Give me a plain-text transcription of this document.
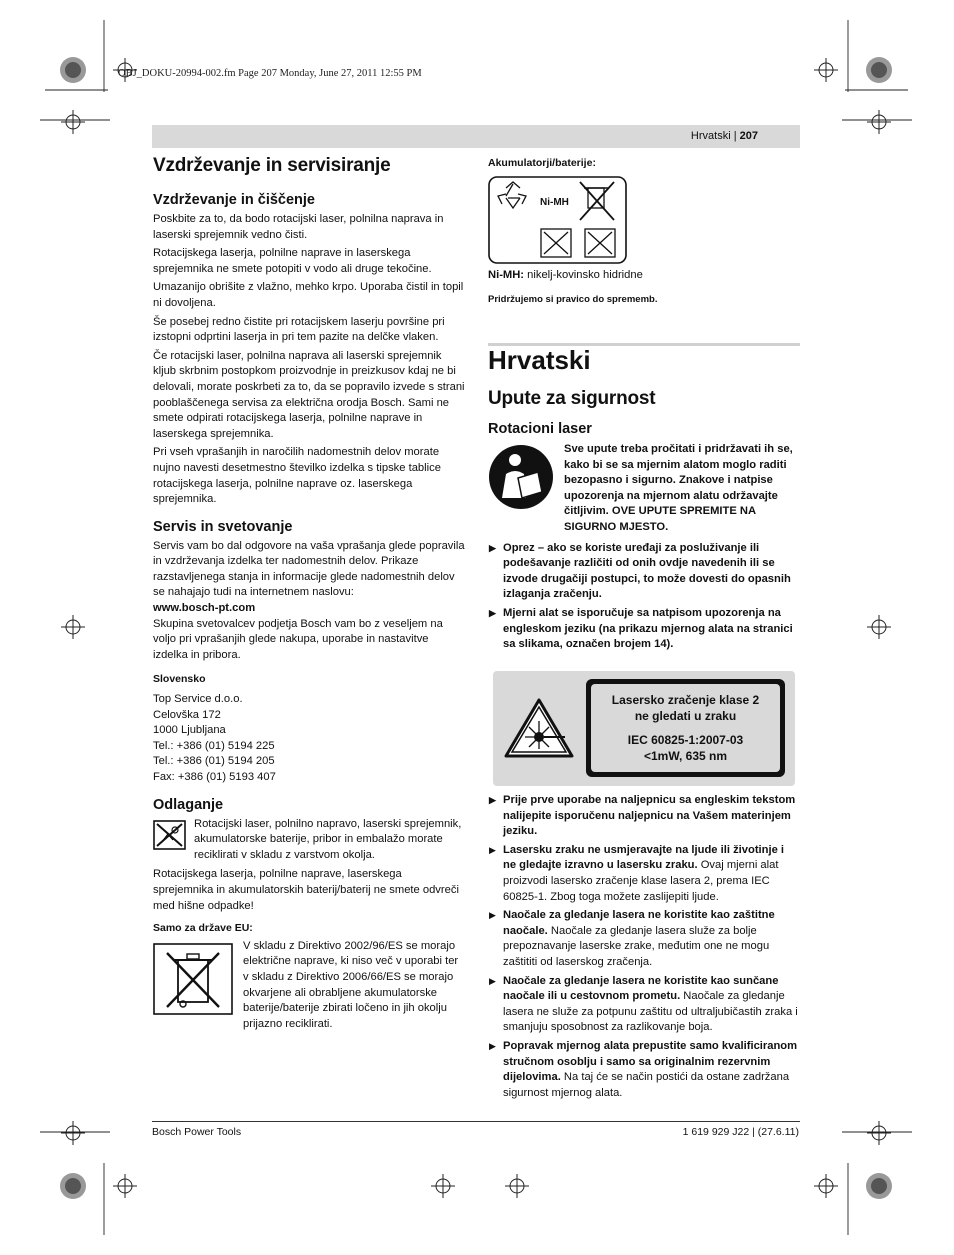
OBJ_DOKU-20994-002.fm Page 207 Monday, June 27, 2011 12:55 PM
Hrvatski | 207
Vzdrževanje in servisiranje
Vzdrževanje in čiščenje

Poskbite za to, da bodo rotacijski laser, polnilna naprava in laserski sprejemnik vedno čisti.

Rotacijskega laserja, polnilne naprave in laserskega sprejemnika ne smete potopiti v vodo ali druge tekočine.

Umazanijo obrišite z vlažno, mehko krpo. Uporaba čistil in topil ni dovoljena.

Še posebej redno čistite pri rotacijskem laserju površine pri izstopni odprtini laserja in pri tem pazite na delčke vlaken.

Če rotacijski laser, polnilna naprava ali laserski sprejemnik kljub skrbnim postopkom proizvodnje in preizkusov kdaj ne bi delovali, morate poskrbeti za to, da se popravilo izvede s strani pooblaščenega servisa za električna orodja Bosch. Sami ne smete odpirati rotacijskega laserja, polnilne naprave in laserskega sprejemnika.

Pri vseh vprašanjih in naročilih nadomestnih delov morate nujno navesti desetmestno številko izdelka s tipske tablice rotacijskega laserja, polnilne naprave oz. laserskega sprejemnika.

Servis in svetovanje

Servis vam bo dal odgovore na vaša vprašanja glede popravila in vzdrževanja izdelka ter nadomestnih delov. Prikaze razstavljenega stanja in informacije glede nadomestnih delov se nahajajo tudi na internetnem naslovu:

www.bosch-pt.com

Skupina svetovalcev podjetja Bosch vam bo z veseljem na voljo pri vprašanjih glede nakupa, uporabe in nastavitve izdelka in pribora.

Slovensko
Top Service d.o.o.
Celovška 172
1000 Ljubljana
Tel.: +386 (01) 5194 225
Tel.: +386 (01) 5194 205
Fax: +386 (01) 5193 407
Odlaganje

Rotacijski laser, polnilno napravo, laserski sprejemnik, akumulatorske baterije, pribor in embalažo morate reciklirati v skladu z varstvom okolja.

Rotacijskega laserja, polnilne naprave, laserskega sprejemnika in akumulatorskih baterij/baterij ne smete odvreči med hišne odpadke!

Samo za države EU:

V skladu z Direktivo 2002/96/ES se morajo električne naprave, ki niso več v uporabi ter v skladu z Direktivo 2006/66/ES se morajo okvarjene ali obrabljene akumulatorske baterije/baterije zbirati ločeno in jih okolju prijazno reciklirati.

Akumulatorji/baterije:
Ni-MH
Ni-MH: nikelj-kovinsko hidridne
Pridržujemo si pravico do sprememb.
Hrvatski
Upute za sigurnost
Rotacioni laser

Sve upute treba pročitati i pridržavati ih se, kako bi se sa mjernim alatom moglo raditi bezopasno i sigurno. Znakove i natpise upozorenja na mjernom alatu održavajte čitljivim. OVE UPUTE SPREMITE NA SIGURNO MJESTO.

▶ Oprez – ako se koriste uređaji za posluživanje ili podešavanje različiti od onih ovdje navedenih ili se izvode drugačiji postupci, to može dovesti do opasnih izlaganja zračenju.

▶ Mjerni alat se isporučuje sa natpisom upozorenja na engleskom jeziku (na prikazu mjernog alata na stranici sa slikama, označen brojem 14).

Lasersko zračenje klase 2
ne gledati u zraku
IEC 60825-1:2007-03
<1mW, 635 nm

▶ Prije prve uporabe na naljepnicu sa engleskim tekstom nalijepite isporučenu naljepnicu na Vašem materinjem jeziku.

▶ Lasersku zraku ne usmjeravajte na ljude ili životinje i ne gledajte izravno u lasersku zraku. Ovaj mjerni alat proizvodi lasersko zračenje klase lasera 2, prema IEC 60825-1. Zbog toga možete zaslijepiti ljude.

▶ Naočale za gledanje lasera ne koristite kao zaštitne naočale. Naočale za gledanje lasera služe za bolje prepoznavanje laserske zrake, međutim one ne mogu zaštititi od laserskog zračenja.

▶ Naočale za gledanje lasera ne koristite kao sunčane naočale ili u cestovnom prometu. Naočale za gledanje lasera ne služe za potpunu zaštitu od ultraljubičastih zraka i smanjuju sposobnost za razlikovanje boja.

▶ Popravak mjernog alata prepustite samo kvalificiranom stručnom osoblju i samo sa originalnim rezervnim dijelovima. Na taj će se način postići da ostane zadržana sigurnost mjernog alata.

Bosch Power Tools	1 619 929 J22 | (27.6.11)
